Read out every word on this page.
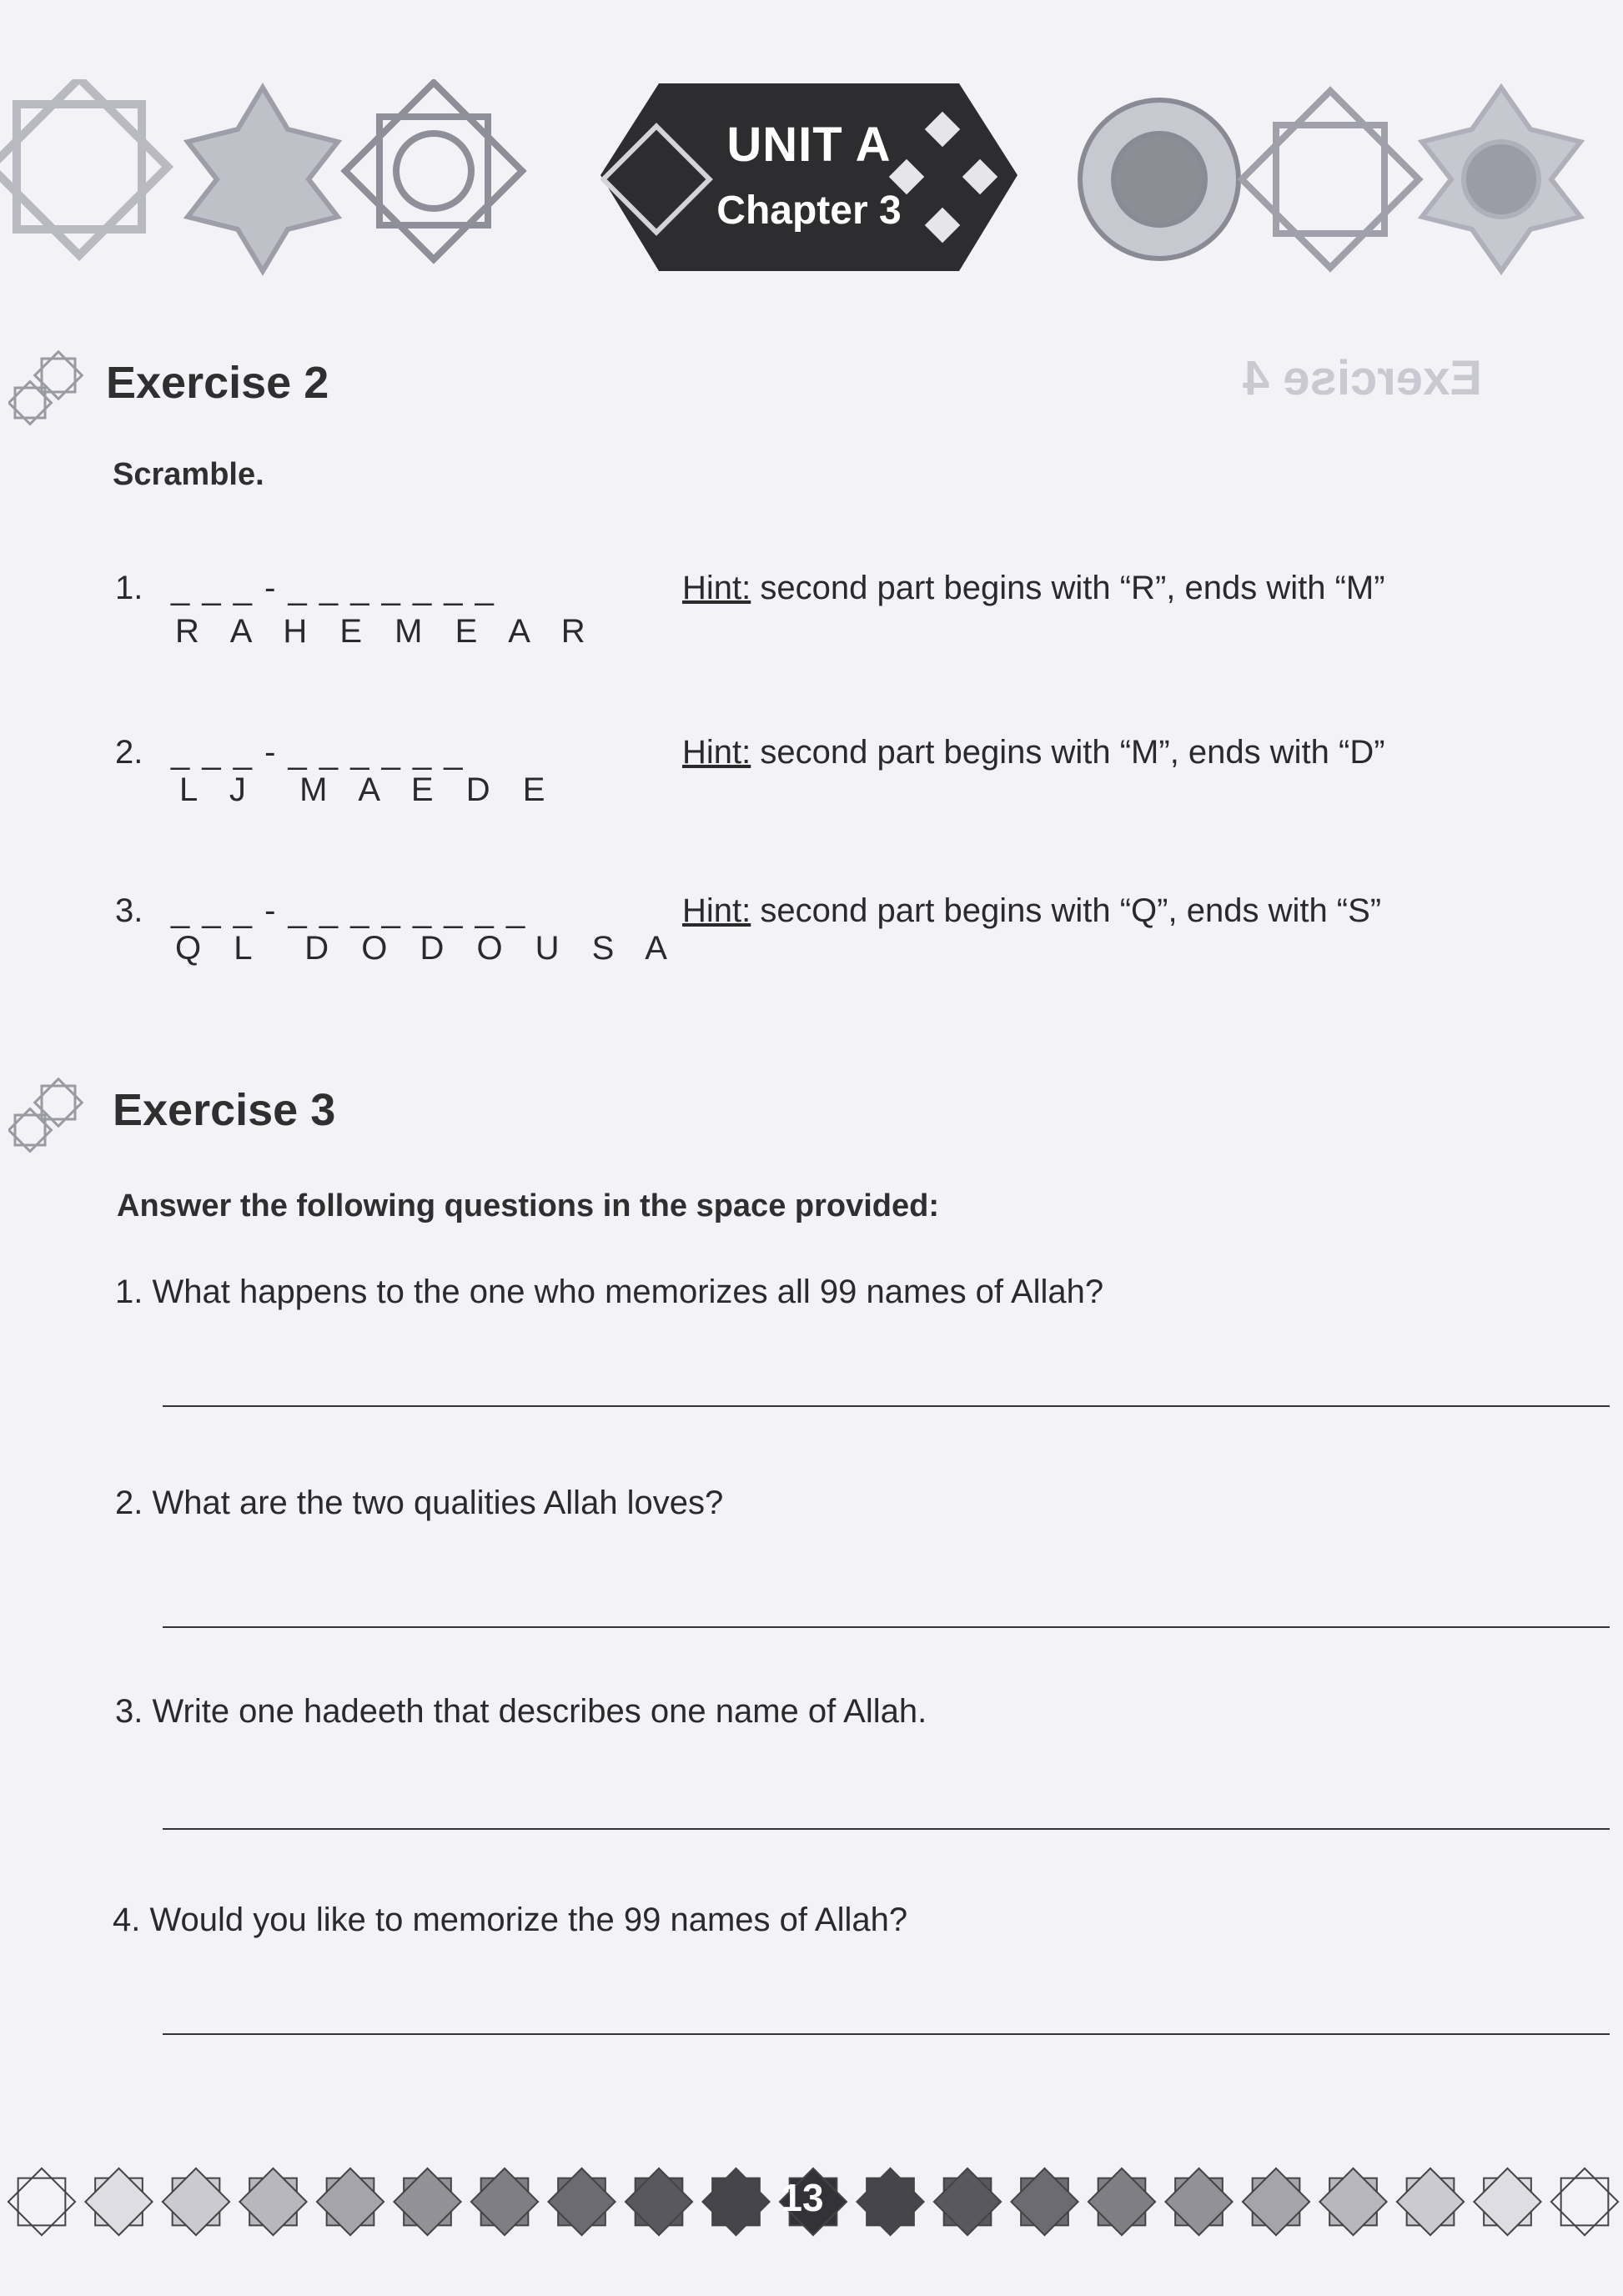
UNIT A
Chapter 3
Exercise 4
Exercise 2
Scramble.
1. _ _ _ - _ _ _ _ _ _ _
R A H E M E A R
Hint: second part begins with “R”, ends with “M”
2. _ _ _ - _ _ _ _ _ _
L J  M A E D E
Hint: second part begins with “M”, ends with “D”
3. _ _ _ - _ _ _ _ _ _ _ _
Q L  D O D O U S A
Hint: second part begins with “Q”, ends with “S”
Exercise 3
Answer the following questions in the space provided:
1. What happens to the one who memorizes all 99 names of Allah?
2. What are the two qualities Allah loves?
3. Write one hadeeth that describes one name of Allah.
4. Would you like to memorize the 99 names of Allah?
13
